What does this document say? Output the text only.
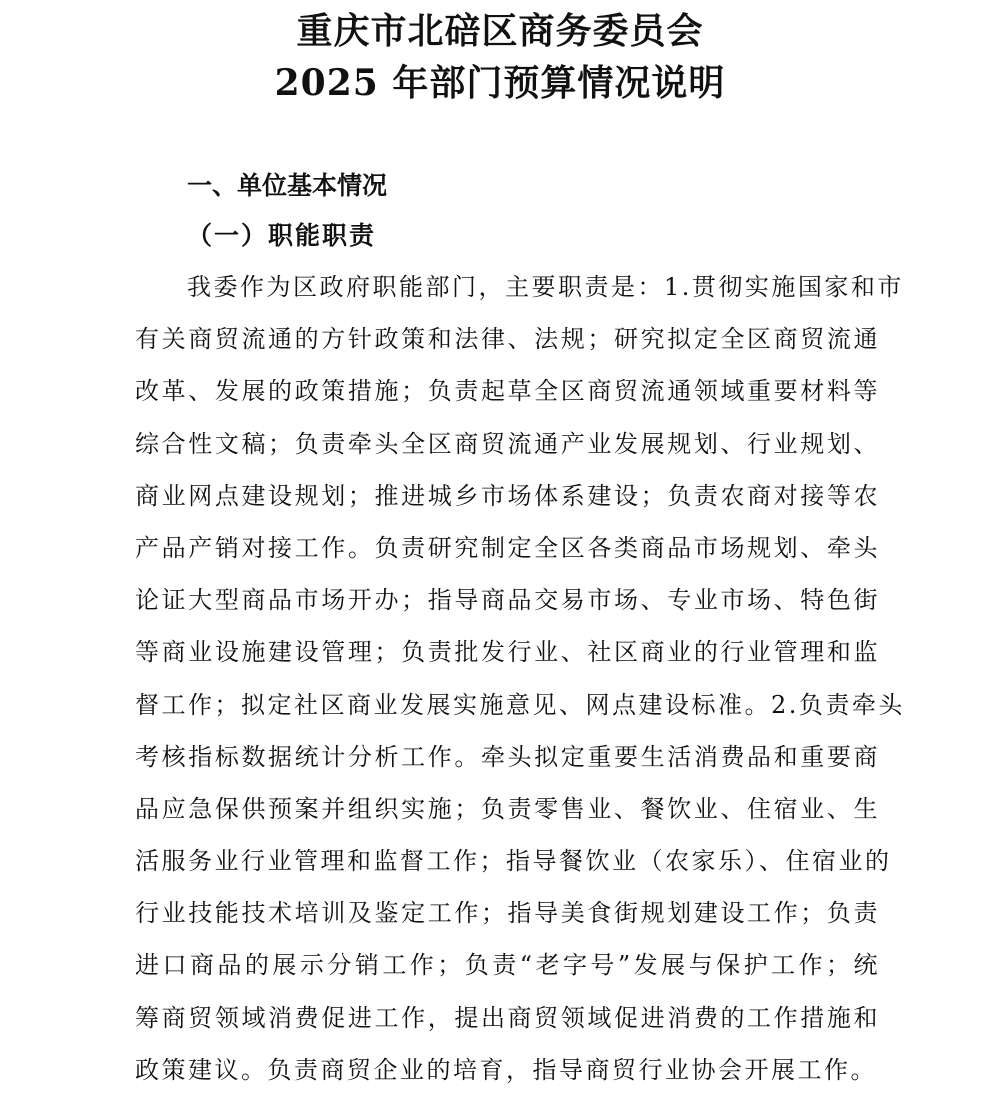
重庆市北碚区商务委员会
2025 年部门预算情况说明
一、单位基本情况
（一）职能职责
我委作为区政府职能部门，主要职责是：1.贯彻实施国家和市
有关商贸流通的方针政策和法律、法规；研究拟定全区商贸流通
改革、发展的政策措施；负责起草全区商贸流通领域重要材料等
综合性文稿；负责牵头全区商贸流通产业发展规划、行业规划、
商业网点建设规划；推进城乡市场体系建设；负责农商对接等农
产品产销对接工作。负责研究制定全区各类商品市场规划、牵头
论证大型商品市场开办；指导商品交易市场、专业市场、特色街
等商业设施建设管理；负责批发行业、社区商业的行业管理和监
督工作；拟定社区商业发展实施意见、网点建设标准。2.负责牵头
考核指标数据统计分析工作。牵头拟定重要生活消费品和重要商
品应急保供预案并组织实施；负责零售业、餐饮业、住宿业、生
活服务业行业管理和监督工作；指导餐饮业（农家乐）、住宿业的
行业技能技术培训及鉴定工作；指导美食街规划建设工作；负责
进口商品的展示分销工作；负责“老字号”发展与保护工作；统
筹商贸领域消费促进工作，提出商贸领域促进消费的工作措施和
政策建议。负责商贸企业的培育，指导商贸行业协会开展工作。
